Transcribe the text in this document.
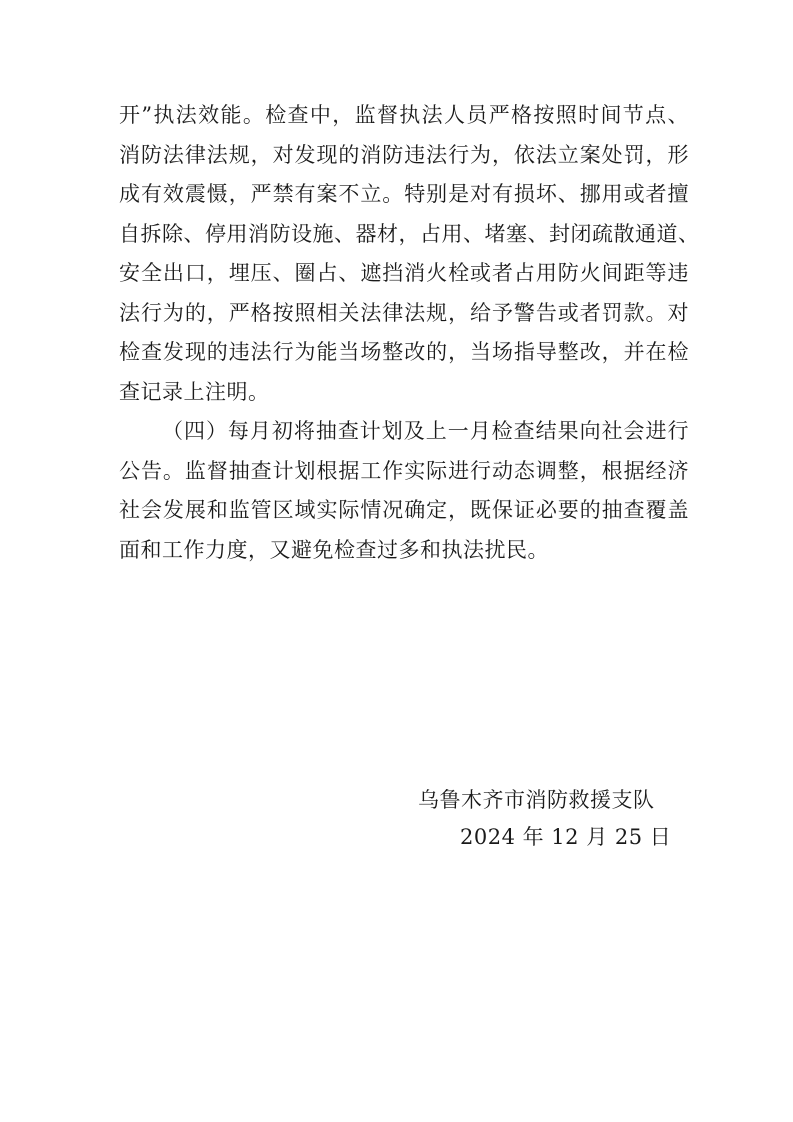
开”执法效能。检查中，监督执法人员严格按照时间节点、
消防法律法规，对发现的消防违法行为，依法立案处罚，形
成有效震慑，严禁有案不立。特别是对有损坏、挪用或者擅
自拆除、停用消防设施、器材，占用、堵塞、封闭疏散通道、
安全出口，埋压、圈占、遮挡消火栓或者占用防火间距等违
法行为的，严格按照相关法律法规，给予警告或者罚款。对
检查发现的违法行为能当场整改的，当场指导整改，并在检
查记录上注明。
（四）每月初将抽查计划及上一月检查结果向社会进行
公告。监督抽查计划根据工作实际进行动态调整，根据经济
社会发展和监管区域实际情况确定，既保证必要的抽查覆盖
面和工作力度，又避免检查过多和执法扰民。
乌鲁木齐市消防救援支队
2024 年 12 月 25 日
